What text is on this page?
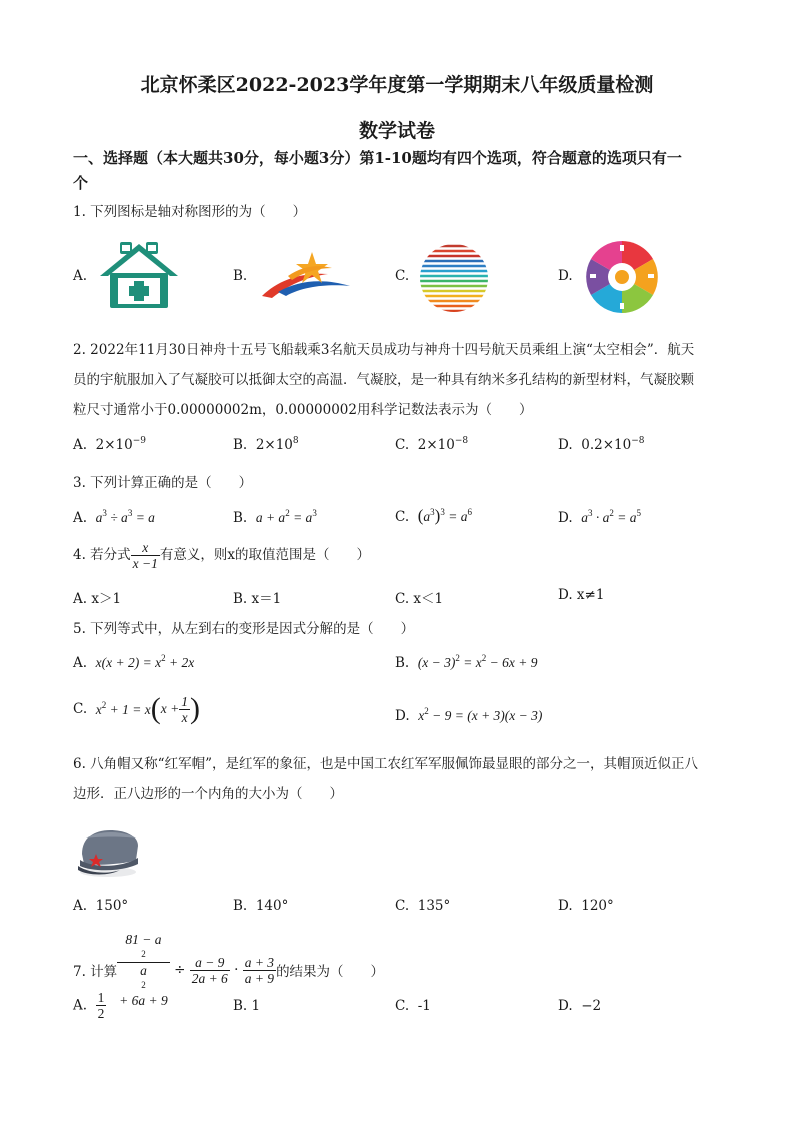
北京怀柔区2022-2023学年度第一学期期末八年级质量检测
数学试卷
一、选择题（本大题共30分，每小题3分）第1-10题均有四个选项，符合题意的选项只有一
个
1. 下列图标是轴对称图形的为（　　）
A.	B.	C.	D.
2. 2022年11月30日神舟十五号飞船载乘3名航天员成功与神舟十四号航天员乘组上演“太空相会”．航天
员的宇航服加入了气凝胶可以抵御太空的高温．气凝胶，是一种具有纳米多孔结构的新型材料，气凝胶颗
粒尺寸通常小于0.00000002m，0.00000002用科学记数法表示为（　　）
A. $2\times 10^{-9}$	B. $2\times 10^8$	C. $2\times 10^{-8}$	D. $0.2\times 10^{-8}$
3. 下列计算正确的是（　　）
A. $a^3 \div a^3 = a$	B. $a + a^2 = a^3$	C. $(a^3)^3 = a^6$	D. $a^3 \cdot a^2 = a^5$
4. 若分式 $\frac{x}{x -1}$ 有意义，则x的取值范围是（　　）
A. x＞1	B. x＝1	C. x＜1	D. x≠1
5. 下列等式中，从左到右的变形是因式分解的是（　　）
A. $x(x + 2) = x^2 + 2x$	B. $(x - 3)^2 = x^2 - 6x + 9$
C. $x^2 + 1 = x(x + \frac{1}{x}$ )	D. $x^2 - 9 = (x + 3)(x - 3)$
6. 八角帽又称“红军帽”，是红军的象征，也是中国工农红军军服佩饰最显眼的部分之一，其帽顶近似正八
边形．正八边形的一个内角的大小为（　　）
A. 150°	B. 140°	C. 135°	D. 120°
7. 计算 81 − a
2
a
2
+ $6a + 9 \div \frac{a - 9}{2a + 6} \cdot \frac{a + 3}{a + 9}$ 的结果为（　　）
A. $\frac{1}{2}$	B. 1	C. -1	D. −2
